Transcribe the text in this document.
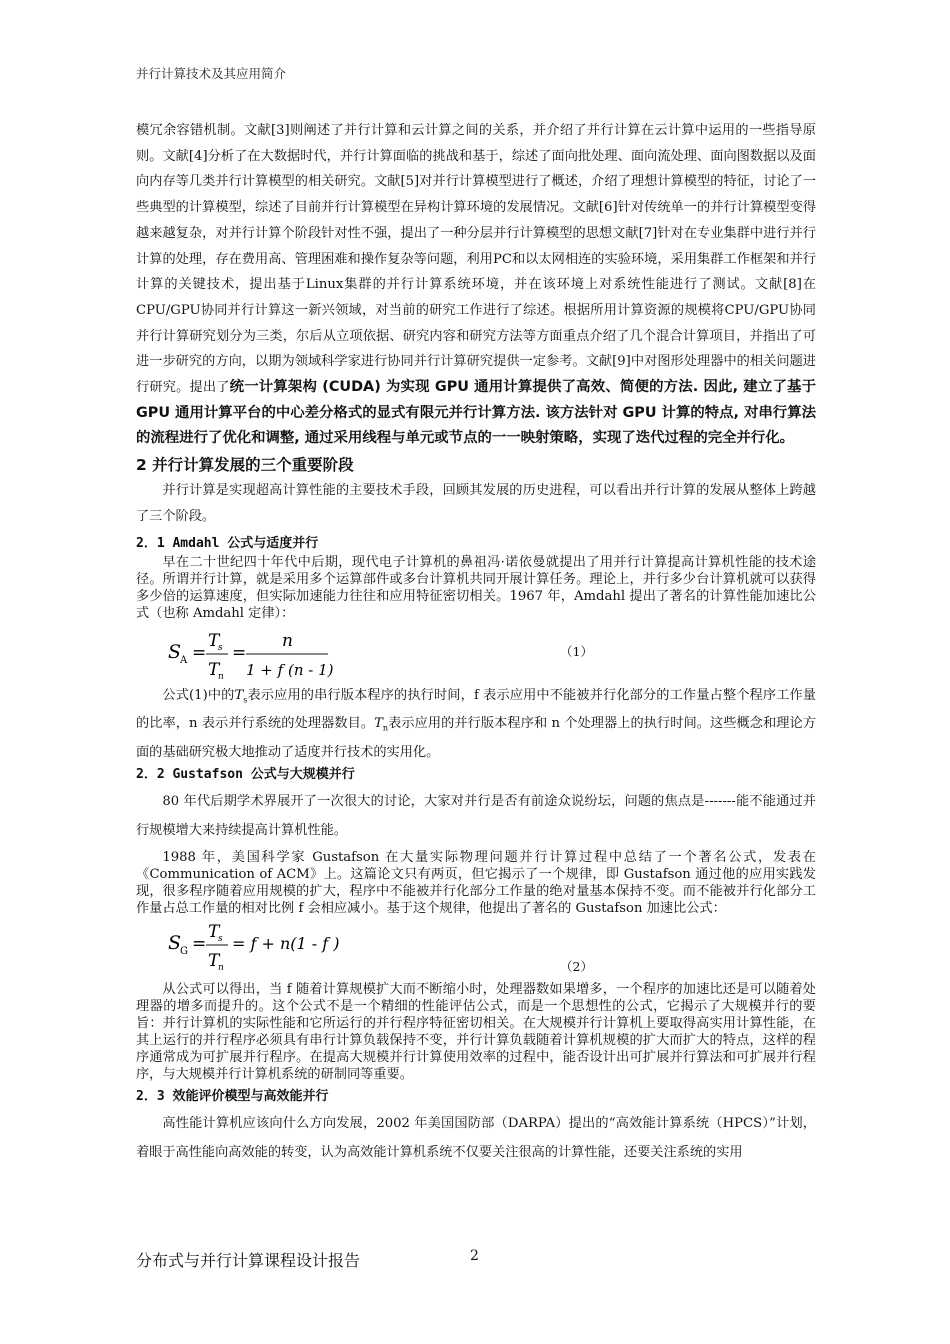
并行计算技术及其应用简介

模冗余容错机制。文献[3]则阐述了并行计算和云计算之间的关系，并介绍了并行计算在云计算中运用的一些指导原则。文献[4]分析了在大数据时代，并行计算面临的挑战和基于，综述了面向批处理、面向流处理、面向图数据以及面向内存等几类并行计算模型的相关研究。文献[5]对并行计算模型进行了概述，介绍了理想计算模型的特征，讨论了一些典型的计算模型，综述了目前并行计算模型在异构计算环境的发展情况。文献[6]针对传统单一的并行计算模型变得越来越复杂，对并行计算个阶段针对性不强，提出了一种分层并行计算模型的思想文献[7]针对在专业集群中进行并行计算的处理，存在费用高、管理困难和操作复杂等问题，利用PC和以太网相连的实验环境，采用集群工作框架和并行计算的关键技术，提出基于Linux集群的并行计算系统环境，并在该环境上对系统性能进行了测试。文献[8]在CPU/GPU协同并行计算这一新兴领域，对当前的研究工作进行了综述。根据所用计算资源的规模将CPU/GPU协同并行计算研究划分为三类，尔后从立项依据、研究内容和研究方法等方面重点介绍了几个混合计算项目，并指出了可进一步研究的方向，以期为领域科学家进行协同并行计算研究提供一定参考。文献[9]中对图形处理器中的相关问题进行研究。提出了统一计算架构 (CUDA) 为实现 GPU 通用计算提供了高效、简便的方法. 因此, 建立了基于 GPU 通用计算平台的中心差分格式的显式有限元并行计算方法. 该方法针对 GPU 计算的特点, 对串行算法的流程进行了优化和调整, 通过采用线程与单元或节点的一一映射策略，实现了迭代过程的完全并行化。

2 并行计算发展的三个重要阶段

并行计算是实现超高计算性能的主要技术手段，回顾其发展的历史进程，可以看出并行计算的发展从整体上跨越了三个阶段。

2．1 Amdahl 公式与适度并行

早在二十世纪四十年代中后期，现代电子计算机的鼻祖冯·诺依曼就提出了用并行计算提高计算机性能的技术途径。所谓并行计算，就是采用多个运算部件或多台计算机共同开展计算任务。理论上，并行多少台计算机就可以获得多少倍的运算速度，但实际加速能力往往和应用特征密切相关。1967 年，Amdahl 提出了著名的计算性能加速比公式（也称 Amdahl 定律）：

S
A =
T
s
T
n
=
n
1 + f (n - 1)
（1）

公式(1)中的$T_s$表示应用的串行版本程序的执行时间，f 表示应用中不能被并行化部分的工作量占整个程序工作量的比率，n 表示并行系统的处理器数目。$T_n$表示应用的并行版本程序和 n 个处理器上的执行时间。这些概念和理论方面的基础研究极大地推动了适度并行技术的实用化。

2．2 Gustafson 公式与大规模并行

80 年代后期学术界展开了一次很大的讨论，大家对并行是否有前途众说纷坛，问题的焦点是-------能不能通过并行规模增大来持续提高计算机性能。

1988 年，美国科学家 Gustafson 在大量实际物理问题并行计算过程中总结了一个著名公式，发表在《Communication of ACM》上。这篇论文只有两页，但它揭示了一个规律，即 Gustafson 通过他的应用实践发现，很多程序随着应用规模的扩大，程序中不能被并行化部分工作量的绝对量基本保持不变。而不能被并行化部分工作量占总工作量的相对比例 f 会相应减小。基于这个规律，他提出了著名的 Gustafson 加速比公式：

S
G =
T
s
T
n
= f + n(1 - f )
（2）

从公式可以得出，当 f 随着计算规模扩大而不断缩小时，处理器数如果增多，一个程序的加速比还是可以随着处理器的增多而提升的。这个公式不是一个精细的性能评估公式，而是一个思想性的公式，它揭示了大规模并行的要旨：并行计算机的实际性能和它所运行的并行程序特征密切相关。在大规模并行计算机上要取得高实用计算性能，在其上运行的并行程序必须具有串行计算负载保持不变，并行计算负载随着计算机规模的扩大而扩大的特点，这样的程序通常成为可扩展并行程序。在提高大规模并行计算使用效率的过程中，能否设计出可扩展并行算法和可扩展并行程序，与大规模并行计算机系统的研制同等重要。

2．3 效能评价模型与高效能并行

高性能计算机应该向什么方向发展，2002 年美国国防部（DARPA）提出的“高效能计算系统（HPCS）”计划，着眼于高性能向高效能的转变，认为高效能计算机系统不仅要关注很高的计算性能，还要关注系统的实用

分布式与并行计算课程设计报告	2
